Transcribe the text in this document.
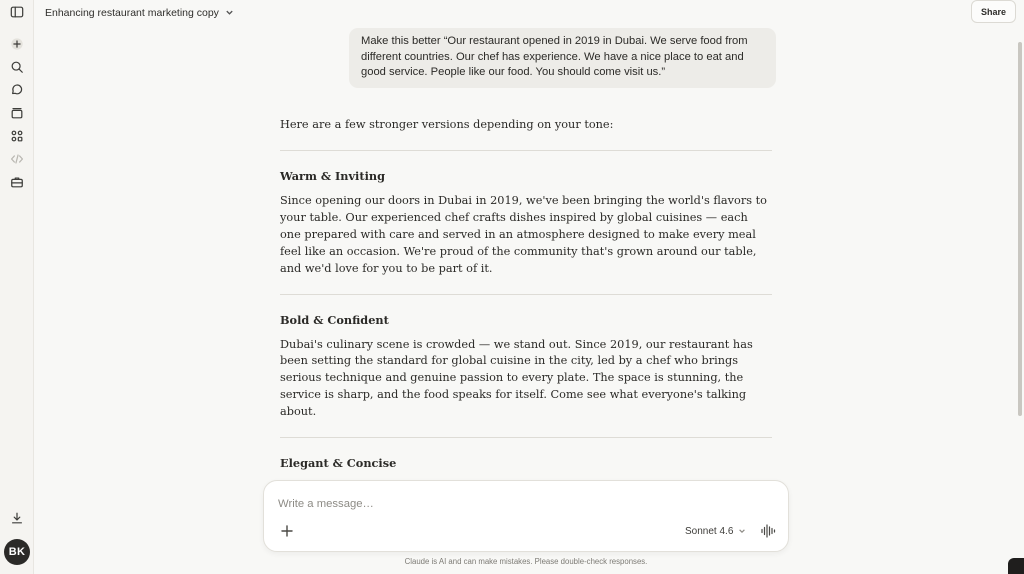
BK
Enhancing restaurant marketing copy	Share
Make this better “Our restaurant opened in 2019 in Dubai. We serve food from different countries. Our chef has experience. We have a nice place to eat and good service. People like our food. You should come visit us.”
Here are a few stronger versions depending on your tone:
Warm & Inviting
Since opening our doors in Dubai in 2019, we've been bringing the world's flavors to your table. Our experienced chef crafts dishes inspired by global cuisines — each one prepared with care and served in an atmosphere designed to make every meal feel like an occasion. We're proud of the community that's grown around our table, and we'd love for you to be part of it.
Bold & Confident
Dubai's culinary scene is crowded — we stand out. Since 2019, our restaurant has been setting the standard for global cuisine in the city, led by a chef who brings serious technique and genuine passion to every plate. The space is stunning, the service is sharp, and the food speaks for itself. Come see what everyone's talking about.
Elegant & Concise
Write a message…
Sonnet 4.6
Claude is AI and can make mistakes. Please double-check responses.
